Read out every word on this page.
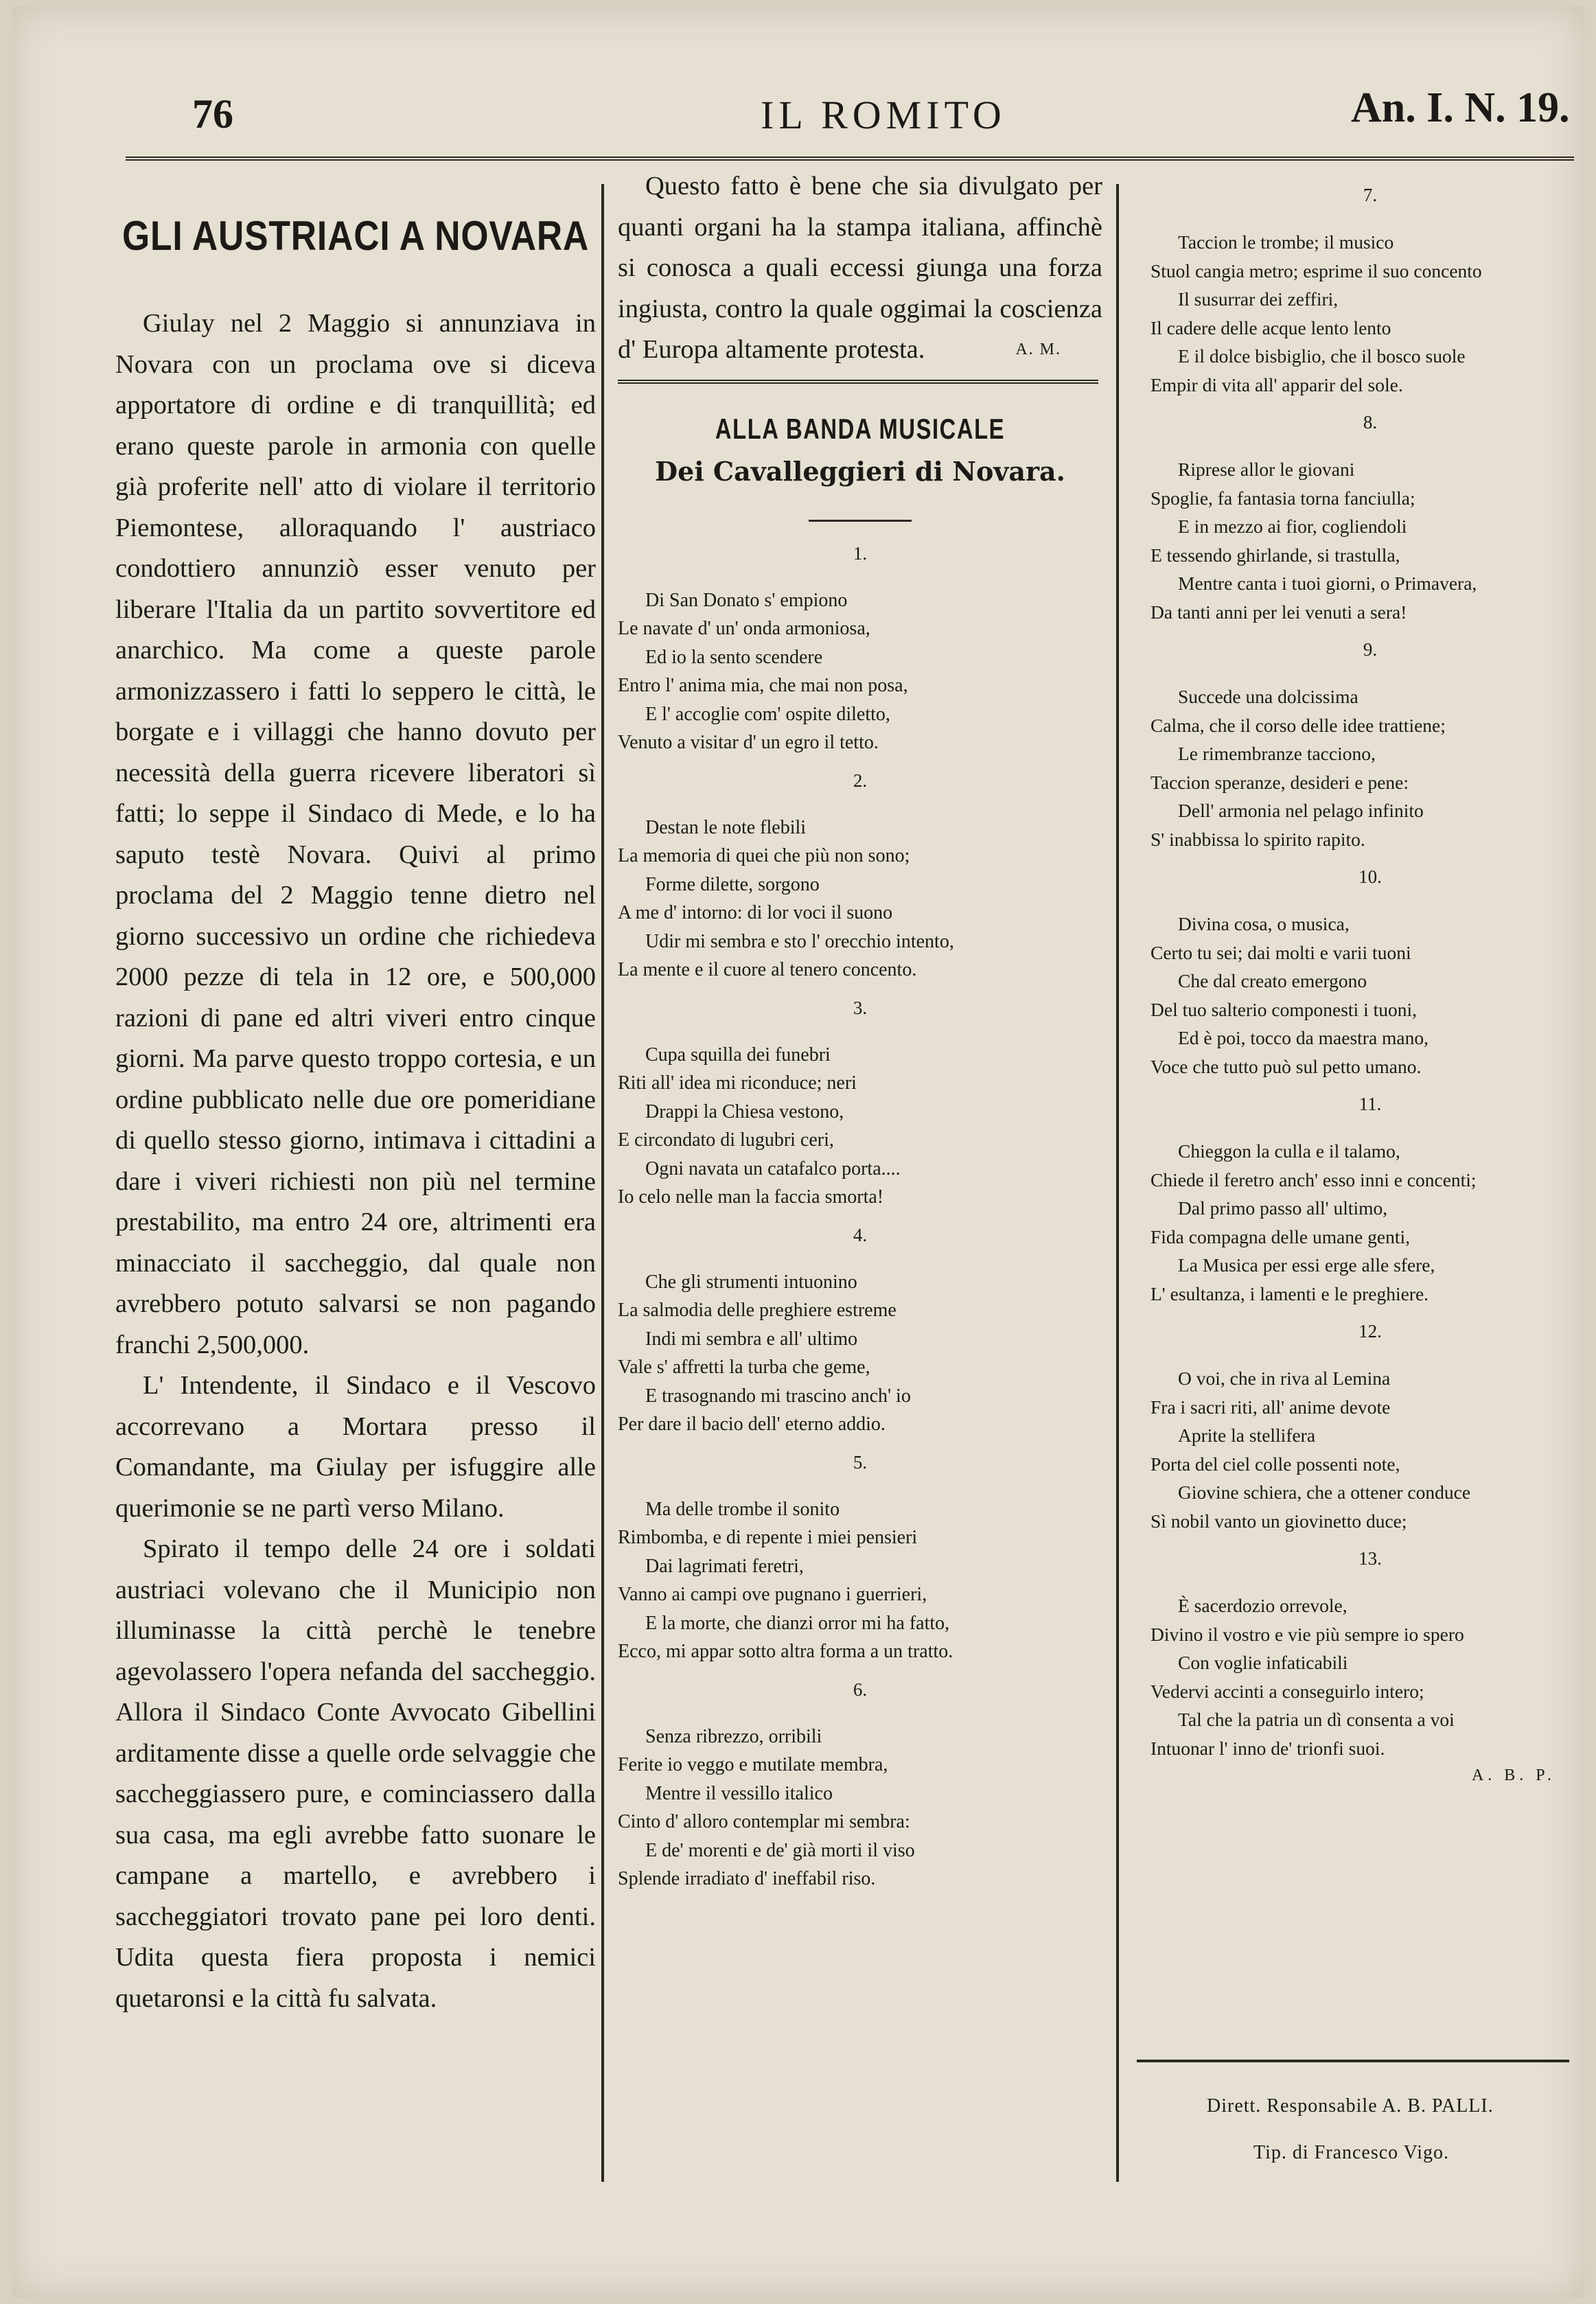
76	IL ROMITO	An. I. N. 19.
GLI AUSTRIACI A NOVARA

Giulay nel 2 Maggio si annunziava in Novara con un proclama ove si diceva apportatore di ordine e di tranquillità; ed erano queste parole in armonia con quelle già proferite nell' atto di violare il territorio Piemontese, alloraquando l' austriaco condottiero annunziò esser venuto per liberare l'Italia da un partito sovvertitore ed anarchico. Ma come a queste parole armonizzassero i fatti lo seppero le città, le borgate e i villaggi che hanno dovuto per necessità della guerra ricevere liberatori sì fatti; lo seppe il Sindaco di Mede, e lo ha saputo testè Novara. Quivi al primo proclama del 2 Maggio tenne dietro nel giorno successivo un ordine che richiedeva 2000 pezze di tela in 12 ore, e 500,000 razioni di pane ed altri viveri entro cinque giorni. Ma parve questo troppo cortesia, e un ordine pubblicato nelle due ore pomeridiane di quello stesso giorno, intimava i cittadini a dare i viveri richiesti non più nel termine prestabilito, ma entro 24 ore, altrimenti era minacciato il saccheggio, dal quale non avrebbero potuto salvarsi se non pagando franchi 2,500,000.

L' Intendente, il Sindaco e il Vescovo accorrevano a Mortara presso il Comandante, ma Giulay per isfuggire alle querimonie se ne partì verso Milano.

Spirato il tempo delle 24 ore i soldati austriaci volevano che il Municipio non illuminasse la città perchè le tenebre agevolassero l'opera nefanda del saccheggio. Allora il Sindaco Conte Avvocato Gibellini arditamente disse a quelle orde selvaggie che saccheggiassero pure, e cominciassero dalla sua casa, ma egli avrebbe fatto suonare le campane a martello, e avrebbero i saccheggiatori trovato pane pei loro denti. Udita questa fiera proposta i nemici quetaronsi e la città fu salvata.

Questo fatto è bene che sia divulgato per quanti organi ha la stampa italiana, affinchè si conosca a quali eccessi giunga una forza ingiusta, contro la quale oggimai la coscienza d' Europa altamente protesta.	A. M.
ALLA BANDA MUSICALE
Dei Cavalleggieri di Novara.
1.
Di San Donato s' empiono
Le navate d' un' onda armoniosa,
Ed io la sento scendere
Entro l' anima mia, che mai non posa,
E l' accoglie com' ospite diletto,
Venuto a visitar d' un egro il tetto.
2.
Destan le note flebili
La memoria di quei che più non sono;
Forme dilette, sorgono
A me d' intorno: di lor voci il suono
Udir mi sembra e sto l' orecchio intento,
La mente e il cuore al tenero concento.
3.
Cupa squilla dei funebri
Riti all' idea mi riconduce; neri
Drappi la Chiesa vestono,
E circondato di lugubri ceri,
Ogni navata un catafalco porta....
Io celo nelle man la faccia smorta!
4.
Che gli strumenti intuonino
La salmodia delle preghiere estreme
Indi mi sembra e all' ultimo
Vale s' affretti la turba che geme,
E trasognando mi trascino anch' io
Per dare il bacio dell' eterno addio.
5.
Ma delle trombe il sonito
Rimbomba, e di repente i miei pensieri
Dai lagrimati feretri,
Vanno ai campi ove pugnano i guerrieri,
E la morte, che dianzi orror mi ha fatto,
Ecco, mi appar sotto altra forma a un tratto.
6.
Senza ribrezzo, orribili
Ferite io veggo e mutilate membra,
Mentre il vessillo italico
Cinto d' alloro contemplar mi sembra:
E de' morenti e de' già morti il viso
Splende irradiato d' ineffabil riso.
7.
Taccion le trombe; il musico
Stuol cangia metro; esprime il suo concento
Il susurrar dei zeffiri,
Il cadere delle acque lento lento
E il dolce bisbiglio, che il bosco suole
Empir di vita all' apparir del sole.
8.
Riprese allor le giovani
Spoglie, fa fantasia torna fanciulla;
E in mezzo ai fior, cogliendoli
E tessendo ghirlande, si trastulla,
Mentre canta i tuoi giorni, o Primavera,
Da tanti anni per lei venuti a sera!
9.
Succede una dolcissima
Calma, che il corso delle idee trattiene;
Le rimembranze tacciono,
Taccion speranze, desideri e pene:
Dell' armonia nel pelago infinito
S' inabbissa lo spirito rapito.
10.
Divina cosa, o musica,
Certo tu sei; dai molti e varii tuoni
Che dal creato emergono
Del tuo salterio componesti i tuoni,
Ed è poi, tocco da maestra mano,
Voce che tutto può sul petto umano.
11.
Chieggon la culla e il talamo,
Chiede il feretro anch' esso inni e concenti;
Dal primo passo all' ultimo,
Fida compagna delle umane genti,
La Musica per essi erge alle sfere,
L' esultanza, i lamenti e le preghiere.
12.
O voi, che in riva al Lemina
Fra i sacri riti, all' anime devote
Aprite la stellifera
Porta del ciel colle possenti note,
Giovine schiera, che a ottener conduce
Sì nobil vanto un giovinetto duce;
13.
È sacerdozio orrevole,
Divino il vostro e vie più sempre io spero
Con voglie infaticabili
Vedervi accinti a conseguirlo intero;
Tal che la patria un dì consenta a voi
Intuonar l' inno de' trionfi suoi.
A. B. P.
Dirett. Responsabile A. B. PALLI.
Tip. di Francesco Vigo.
